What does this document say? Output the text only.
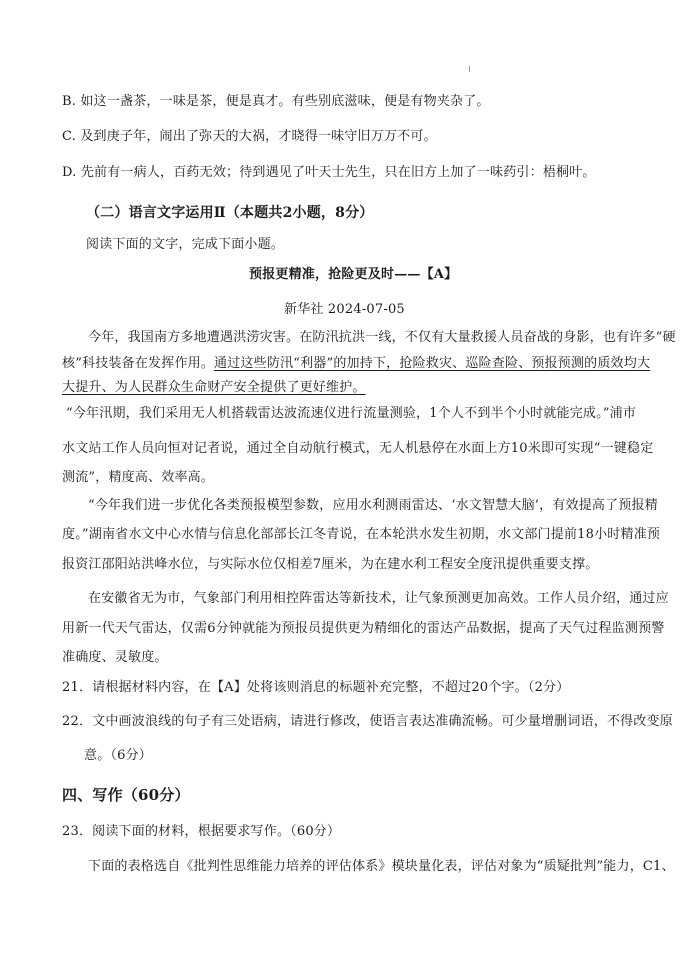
B. 如这一盏茶，一味是茶，便是真才。有些别底滋味，便是有物夹杂了。
C. 及到庚子年，闹出了弥天的大祸，才晓得一味守旧万万不可。
D. 先前有一病人，百药无效；待到遇见了叶天士先生，只在旧方上加了一味药引：梧桐叶。
（二）语言文字运用Ⅱ（本题共2小题，8分）
阅读下面的文字，完成下面小题。
预报更精准，抢险更及时——【A】
新华社 2024-07-05
今年，我国南方多地遭遇洪涝灾害。在防汛抗洪一线，不仅有大量救援人员奋战的身影，也有许多“硬
核”科技装备在发挥作用。通过这些防汛“利器”的加持下，抢险救灾、巡险查险、预报预测的质效均大
大提升、为人民群众生命财产安全提供了更好维护。
“今年汛期，我们采用无人机搭载雷达波流速仪进行流量测验，1个人不到半个小时就能完成。”浦市
水文站工作人员向恒对记者说，通过全自动航行模式，无人机悬停在水面上方10米即可实现“一键稳定
测流”，精度高、效率高。
“今年我们进一步优化各类预报模型参数，应用水利测雨雷达、‘水文智慧大脑’，有效提高了预报精
度。”湖南省水文中心水情与信息化部部长江冬青说，在本轮洪水发生初期，水文部门提前18小时精准预
报资江邵阳站洪峰水位，与实际水位仅相差7厘米，为在建水利工程安全度汛提供重要支撑。
在安徽省无为市，气象部门利用相控阵雷达等新技术，让气象预测更加高效。工作人员介绍，通过应
用新一代天气雷达，仅需6分钟就能为预报员提供更为精细化的雷达产品数据，提高了天气过程监测预警
准确度、灵敏度。
21．请根据材料内容，在【A】处将该则消息的标题补充完整，不超过20个字。（2分）
22．文中画波浪线的句子有三处语病，请进行修改，使语言表达准确流畅。可少量增删词语，不得改变原
意。（6分）
四、写作（60分）
23．阅读下面的材料，根据要求写作。（60分）
下面的表格选自《批判性思维能力培养的评估体系》模块量化表，评估对象为“质疑批判”能力，C1、
